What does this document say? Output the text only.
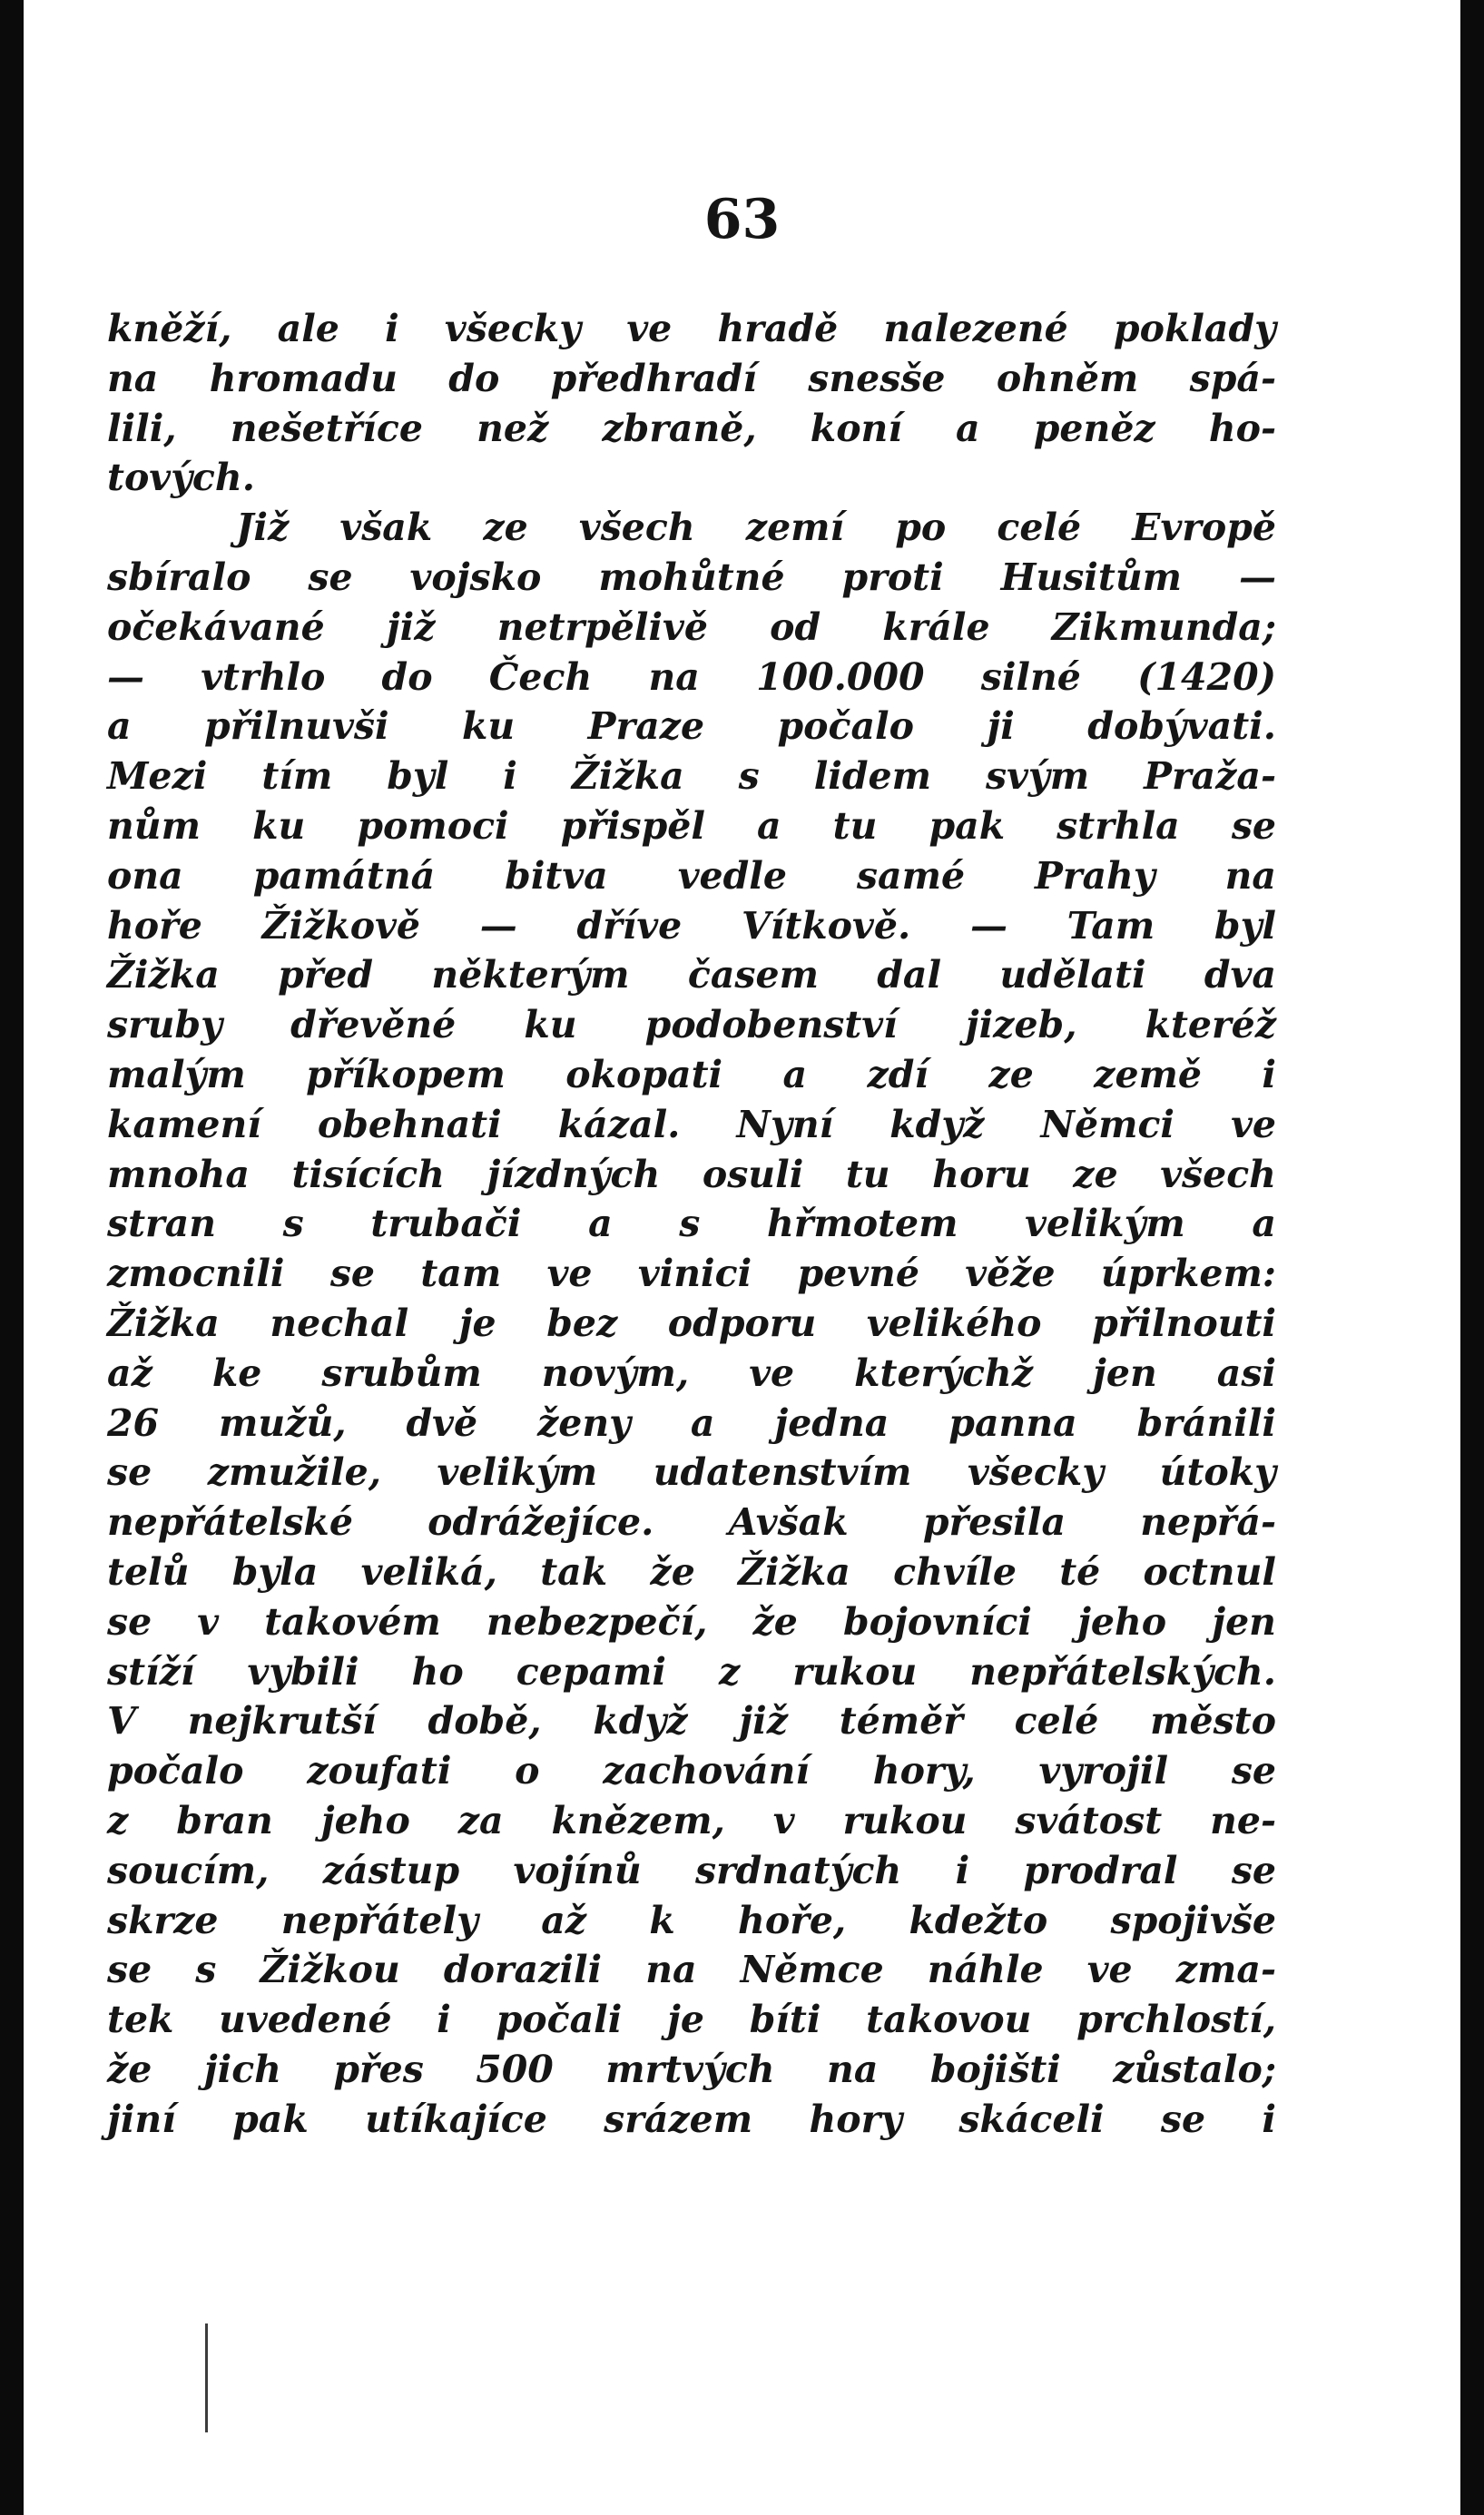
63
kněží, ale i všecky ve hradě nalezené poklady
na hromadu do předhradí snesše ohněm spá-
lili, nešetříce než zbraně, koní a peněz ho-
tových.
Již však ze všech zemí po celé Evropě
sbíralo se vojsko mohůtné proti Husitům —
očekávané již netrpělivě od krále Zikmunda;
— vtrhlo do Čech na 100.000 silné (1420)
a přilnuvši ku Praze počalo ji dobývati.
Mezi tím byl i Žižka s lidem svým Praža-
nům ku pomoci přispěl a tu pak strhla se
ona památná bitva vedle samé Prahy na
hoře Žižkově — dříve Vítkově. — Tam byl
Žižka před některým časem dal udělati dva
sruby dřevěné ku podobenství jizeb, kteréž
malým příkopem okopati a zdí ze země i
kamení obehnati kázal. Nyní když Němci ve
mnoha tisících jízdných osuli tu horu ze všech
stran s trubači a s hřmotem velikým a
zmocnili se tam ve vinici pevné věže úprkem:
Žižka nechal je bez odporu velikého přilnouti
až ke srubům novým, ve kterýchž jen asi
26 mužů, dvě ženy a jedna panna bránili
se zmužile, velikým udatenstvím všecky útoky
nepřátelské odrážejíce. Avšak přesila nepřá-
telů byla veliká, tak že Žižka chvíle té octnul
se v takovém nebezpečí, že bojovníci jeho jen
stíží vybili ho cepami z rukou nepřátelských.
V nejkrutší době, když již téměř celé město
počalo zoufati o zachování hory, vyrojil se
z bran jeho za knězem, v rukou svátost ne-
soucím, zástup vojínů srdnatých i prodral se
skrze nepřátely až k hoře, kdežto spojivše
se s Žižkou dorazili na Němce náhle ve zma-
tek uvedené i počali je bíti takovou prchlostí,
že jich přes 500 mrtvých na bojišti zůstalo;
jiní pak utíkajíce srázem hory skáceli se i
